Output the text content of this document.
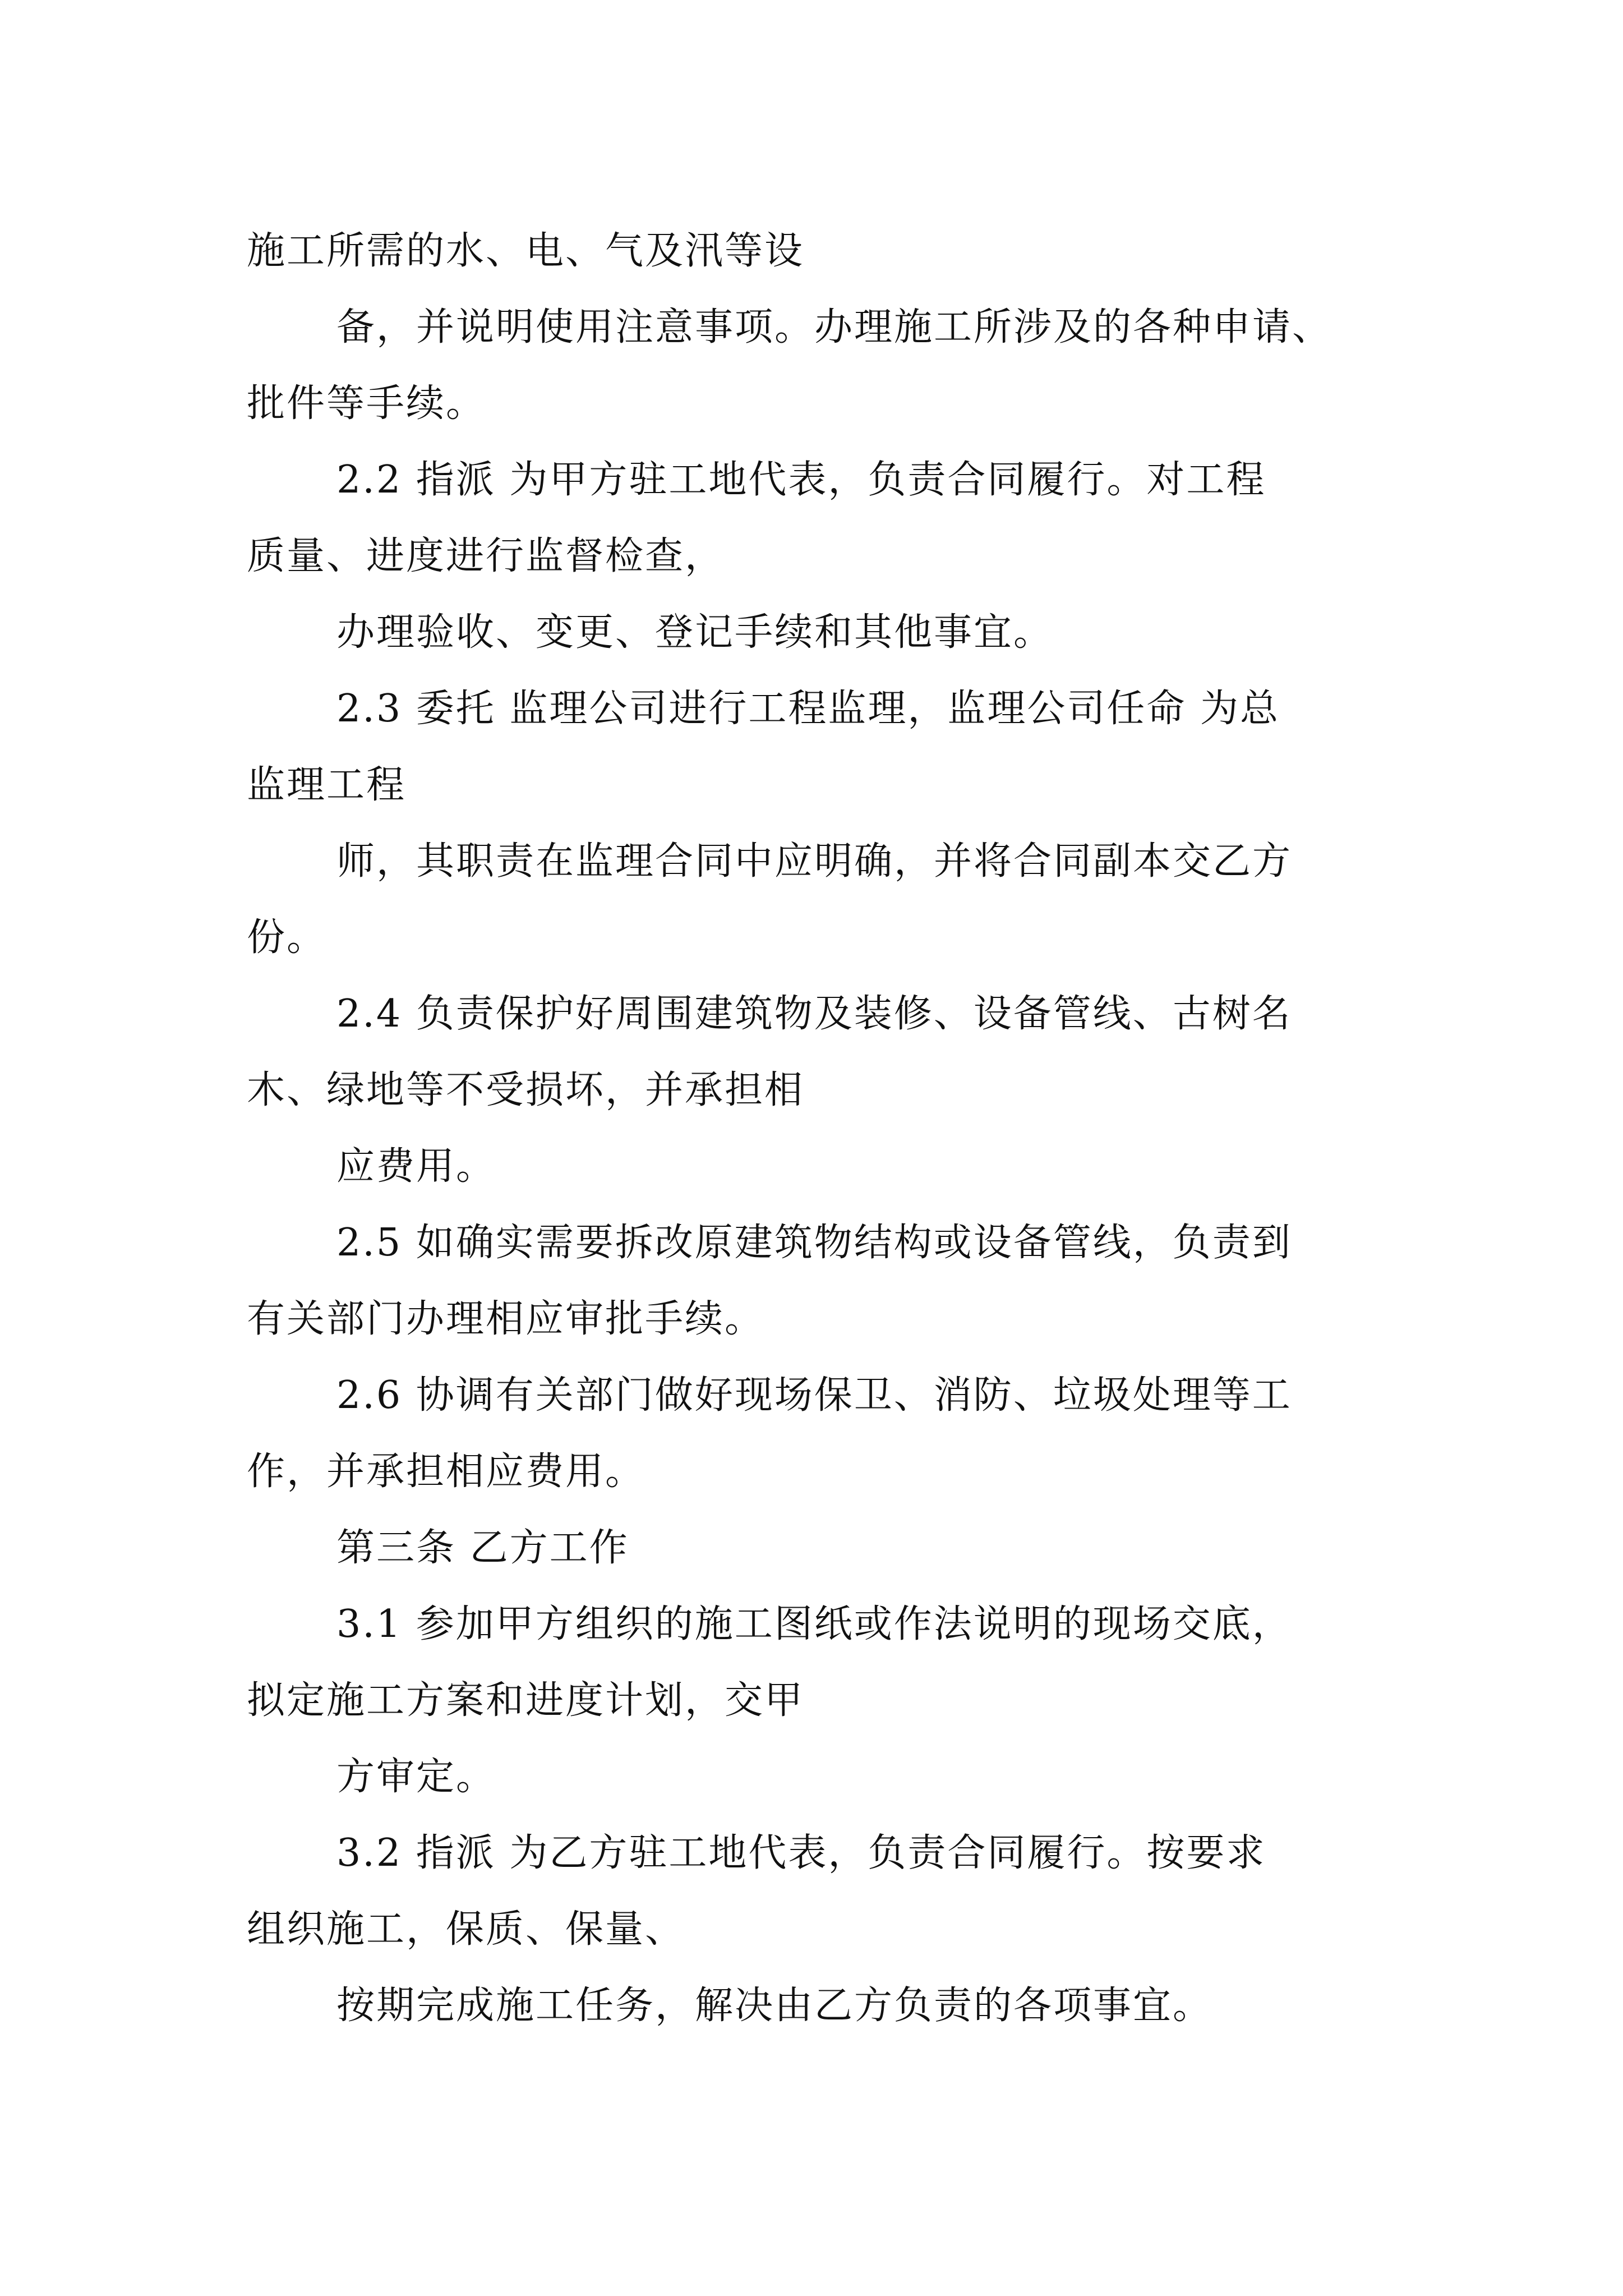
施工所需的水、电、气及汛等设
备，并说明使用注意事项。办理施工所涉及的各种申请、
批件等手续。
2.2 指派 为甲方驻工地代表，负责合同履行。对工程
质量、进度进行监督检查，
办理验收、变更、登记手续和其他事宜。
2.3 委托 监理公司进行工程监理，监理公司任命 为总
监理工程
师，其职责在监理合同中应明确，并将合同副本交乙方
份。
2.4 负责保护好周围建筑物及装修、设备管线、古树名
木、绿地等不受损坏，并承担相
应费用。
2.5 如确实需要拆改原建筑物结构或设备管线，负责到
有关部门办理相应审批手续。
2.6 协调有关部门做好现场保卫、消防、垃圾处理等工
作，并承担相应费用。
第三条 乙方工作
3.1 参加甲方组织的施工图纸或作法说明的现场交底，
拟定施工方案和进度计划，交甲
方审定。
3.2 指派 为乙方驻工地代表，负责合同履行。按要求
组织施工，保质、保量、
按期完成施工任务，解决由乙方负责的各项事宜。
